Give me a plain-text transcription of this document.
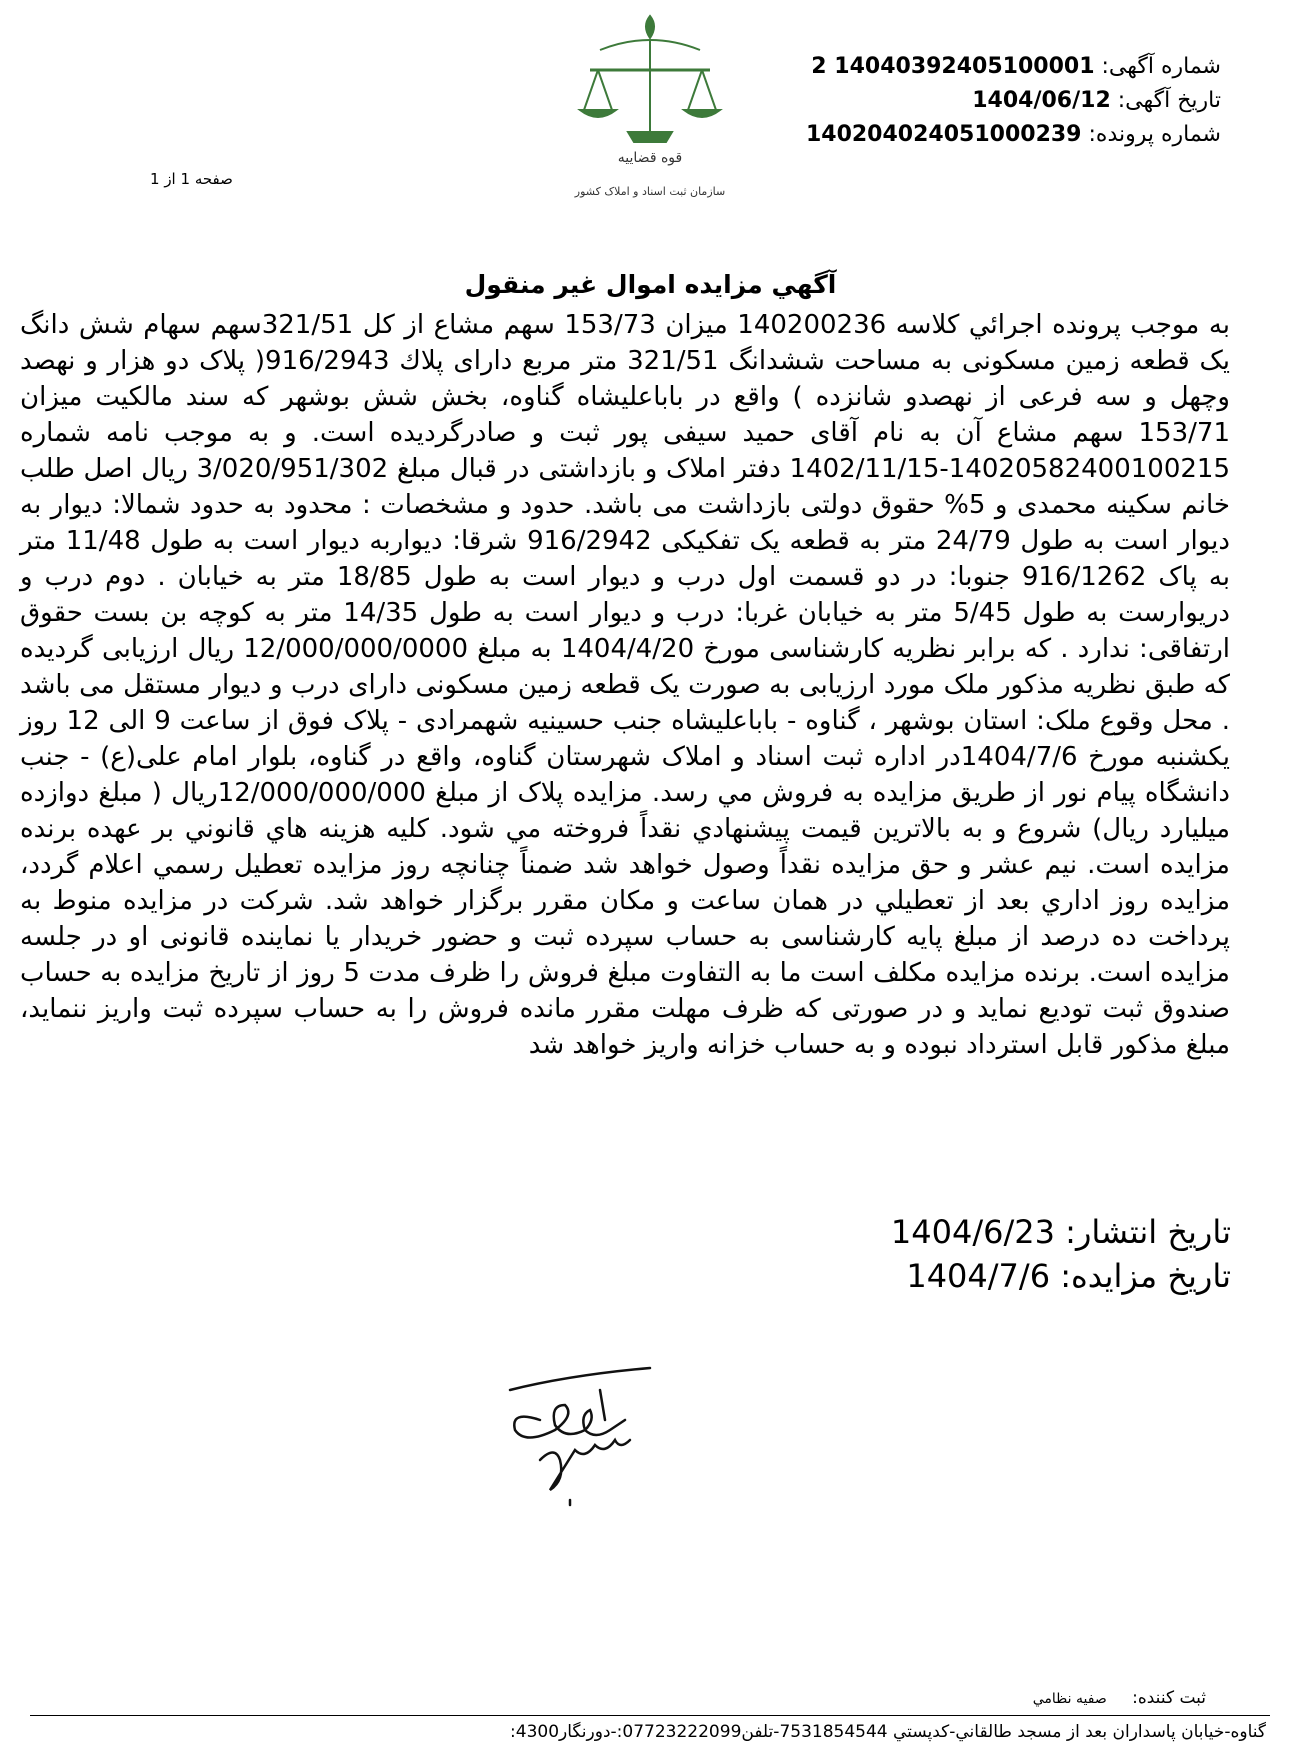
قوه قضاییه
سازمان ثبت اسناد و املاک کشور
شماره آگهی: 14040392405100001 2
تاریخ آگهی: 1404/06/12
شماره پرونده: 140204024051000239
صفحه 1 از 1
آگهي مزايده اموال غير منقول

به موجب پرونده اجرائي كلاسه 140200236 ميزان 153/73 سهم مشاع از كل 321/51سهم سهام شش دانگ یک قطعه زمین مسکونی به مساحت ششدانگ 321/51 متر مربع دارای پلاك 916/2943( پلاک دو هزار و نهصد وچهل و سه فرعی از نهصدو شانزده ) واقع در باباعلیشاه گناوه، بخش شش بوشهر که سند مالکیت میزان 153/71 سهم مشاع آن به نام آقای حمید سیفی پور ثبت و صادرگردیده است. و به موجب نامه شماره 14020582400100215-1402/11/15 دفتر املاک و بازداشتی در قبال مبلغ 3/020/951/302 ریال اصل طلب خانم سکینه محمدی و 5% حقوق دولتی بازداشت می باشد. حدود و مشخصات : محدود به حدود شمالا: دیوار به دیوار است به طول 24/79 متر به قطعه یک تفکیکی 916/2942 شرقا: دیواربه دیوار است به طول 11/48 متر به پاک 916/1262 جنوبا: در دو قسمت اول درب و دیوار است به طول 18/85 متر به خیابان . دوم درب و دریوارست به طول 5/45 متر به خیابان غربا: درب و دیوار است به طول 14/35 متر به کوچه بن بست حقوق ارتفاقی: ندارد . که برابر نظریه کارشناسی مورخ 1404/4/20 به مبلغ 12/000/000/0000 ریال ارزیابی گردیده که طبق نظریه مذکور ملک مورد ارزیابی به صورت یک قطعه زمین مسکونی دارای درب و دیوار مستقل می باشد . محل وقوع ملک: استان بوشهر ، گناوه - باباعلیشاه جنب حسینیه شهمرادی - پلاک فوق از ساعت 9 الی 12 روز یکشنبه مورخ 1404/7/6در اداره ثبت اسناد و املاک شهرستان گناوه، واقع در گناوه، بلوار امام علی(ع) - جنب دانشگاه پیام نور از طريق مزايده به فروش مي رسد. مزایده پلاک از مبلغ 12/000/000/000ریال ( مبلغ دوازده میلیارد ریال) شروع و به بالاترين قيمت پيشنهادي نقداً فروخته مي شود. كليه هزينه هاي قانوني بر عهده برنده مزايده است. نيم عشر و حق مزايده نقداً وصول خواهد شد ضمناً چنانچه روز مزايده تعطيل رسمي اعلام گردد، مزايده روز اداري بعد از تعطيلي در همان ساعت و مكان مقرر برگزار خواهد شد. شرکت در مزایده منوط به پرداخت ده درصد از مبلغ پایه کارشناسی به حساب سپرده ثبت و حضور خریدار یا نماینده قانونی او در جلسه مزایده است. برنده مزایده مکلف است ما به التفاوت مبلغ فروش را ظرف مدت 5 روز از تاریخ مزایده به حساب صندوق ثبت تودیع نماید و در صورتی که ظرف مهلت مقرر مانده فروش را به حساب سپرده ثبت واریز ننماید، مبلغ مذکور قابل استرداد نبوده و به حساب خزانه واریز خواهد شد

تاریخ انتشار: 1404/6/23
تاریخ مزایده: 1404/7/6
ثبت كننده: صفيه نظامي
گناوه-خيابان پاسداران بعد از مسجد طالقاني-كدپستي 7531854544-تلفن07723222099:-دورنگار4300:
